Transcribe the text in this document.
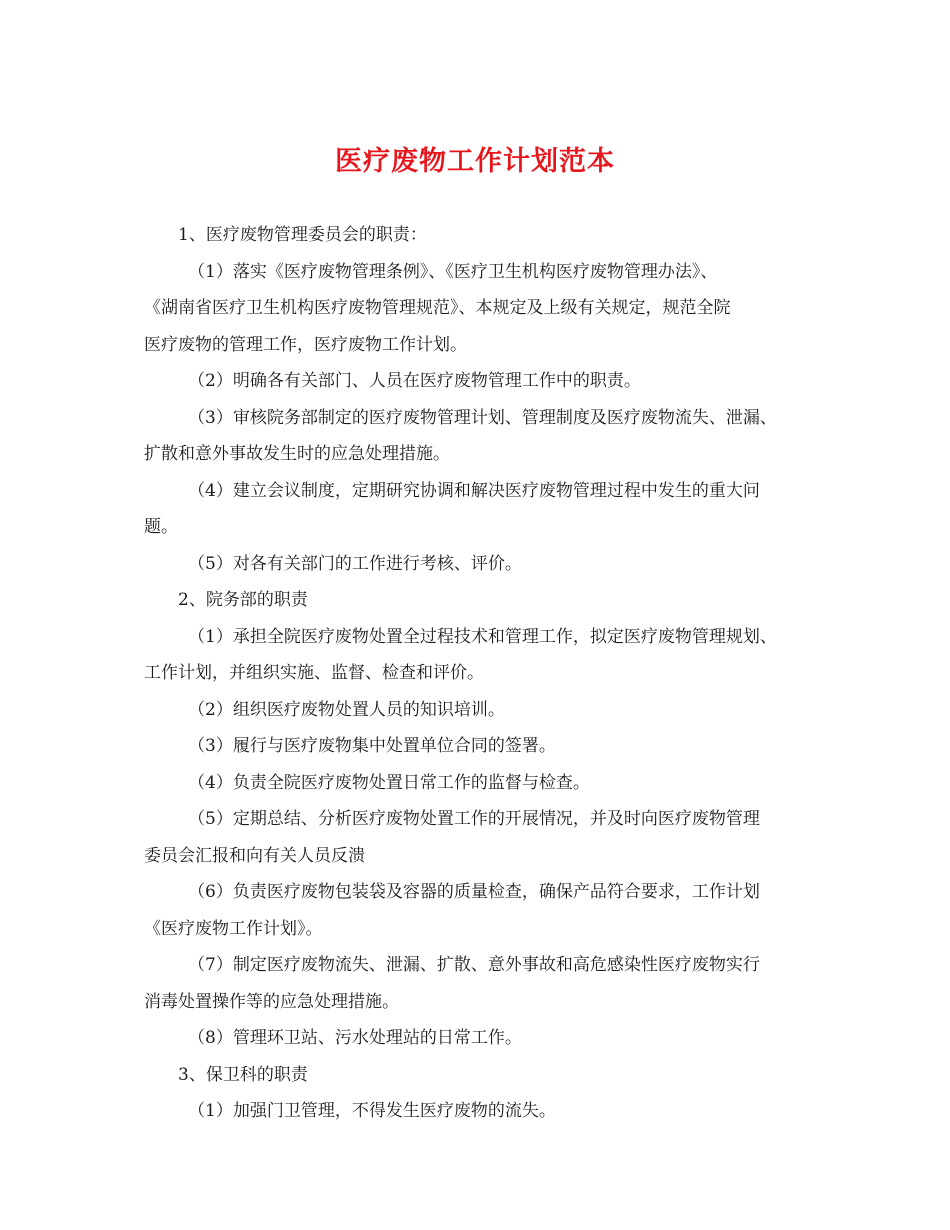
医疗废物工作计划范本

1、医疗废物管理委员会的职责：

（1）落实《医疗废物管理条例》、《医疗卫生机构医疗废物管理办法》、

《湖南省医疗卫生机构医疗废物管理规范》、本规定及上级有关规定，规范全院

医疗废物的管理工作，医疗废物工作计划。

（2）明确各有关部门、人员在医疗废物管理工作中的职责。

（3）审核院务部制定的医疗废物管理计划、管理制度及医疗废物流失、泄漏、

扩散和意外事故发生时的应急处理措施。

（4）建立会议制度，定期研究协调和解决医疗废物管理过程中发生的重大问

题。

（5）对各有关部门的工作进行考核、评价。

2、院务部的职责

（1）承担全院医疗废物处置全过程技术和管理工作，拟定医疗废物管理规划、

工作计划，并组织实施、监督、检查和评价。

（2）组织医疗废物处置人员的知识培训。

（3）履行与医疗废物集中处置单位合同的签署。

（4）负责全院医疗废物处置日常工作的监督与检查。

（5）定期总结、分析医疗废物处置工作的开展情况，并及时向医疗废物管理

委员会汇报和向有关人员反溃

（6）负责医疗废物包装袋及容器的质量检查，确保产品符合要求，工作计划

《医疗废物工作计划》。

（7）制定医疗废物流失、泄漏、扩散、意外事故和高危感染性医疗废物实行

消毒处置操作等的应急处理措施。

（8）管理环卫站、污水处理站的日常工作。

3、保卫科的职责

（1）加强门卫管理，不得发生医疗废物的流失。
